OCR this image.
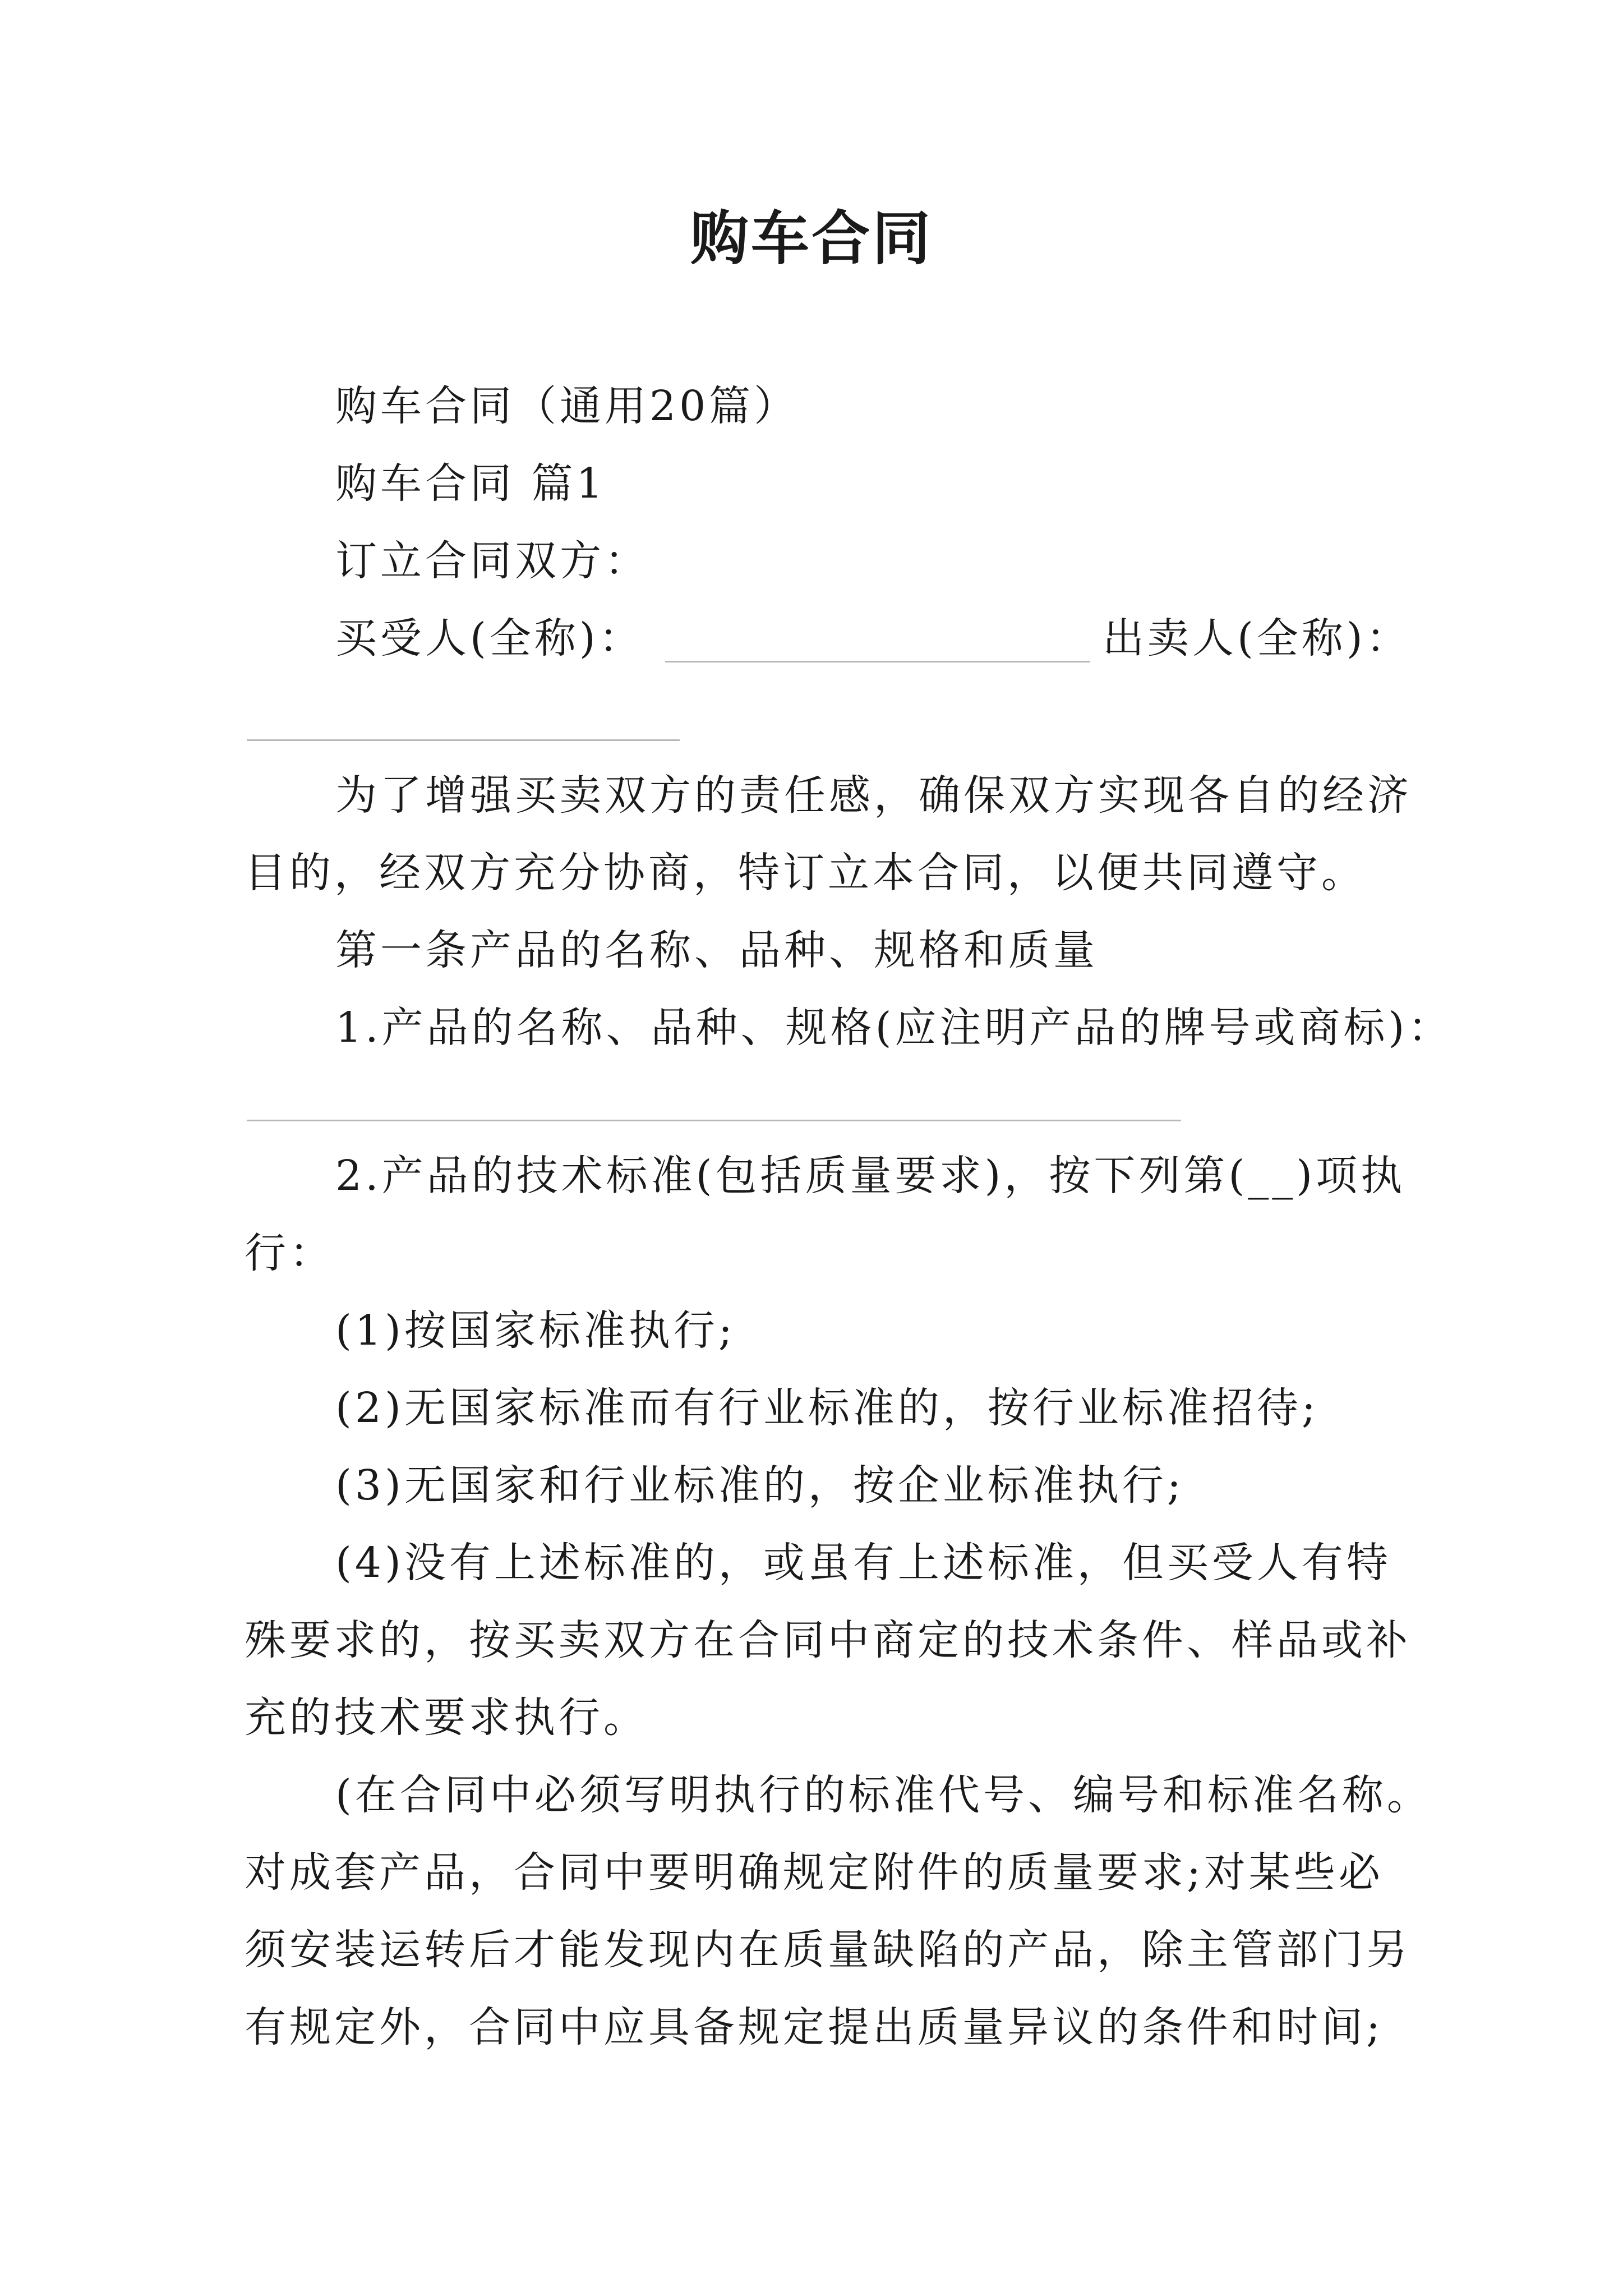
购车合同
购车合同（通用20篇）
购车合同 篇1
订立合同双方：
买受人(全称)：	出卖人(全称)：
为了增强买卖双方的责任感，确保双方实现各自的经济
目的，经双方充分协商，特订立本合同，以便共同遵守。
第一条产品的名称、品种、规格和质量
1.产品的名称、品种、规格(应注明产品的牌号或商标)：
2.产品的技术标准(包括质量要求)，按下列第(__)项执
行：
(1)按国家标准执行;
(2)无国家标准而有行业标准的，按行业标准招待;
(3)无国家和行业标准的，按企业标准执行;
(4)没有上述标准的，或虽有上述标准，但买受人有特
殊要求的，按买卖双方在合同中商定的技术条件、样品或补
充的技术要求执行。
(在合同中必须写明执行的标准代号、编号和标准名称。
对成套产品，合同中要明确规定附件的质量要求;对某些必
须安装运转后才能发现内在质量缺陷的产品，除主管部门另
有规定外，合同中应具备规定提出质量异议的条件和时间;
